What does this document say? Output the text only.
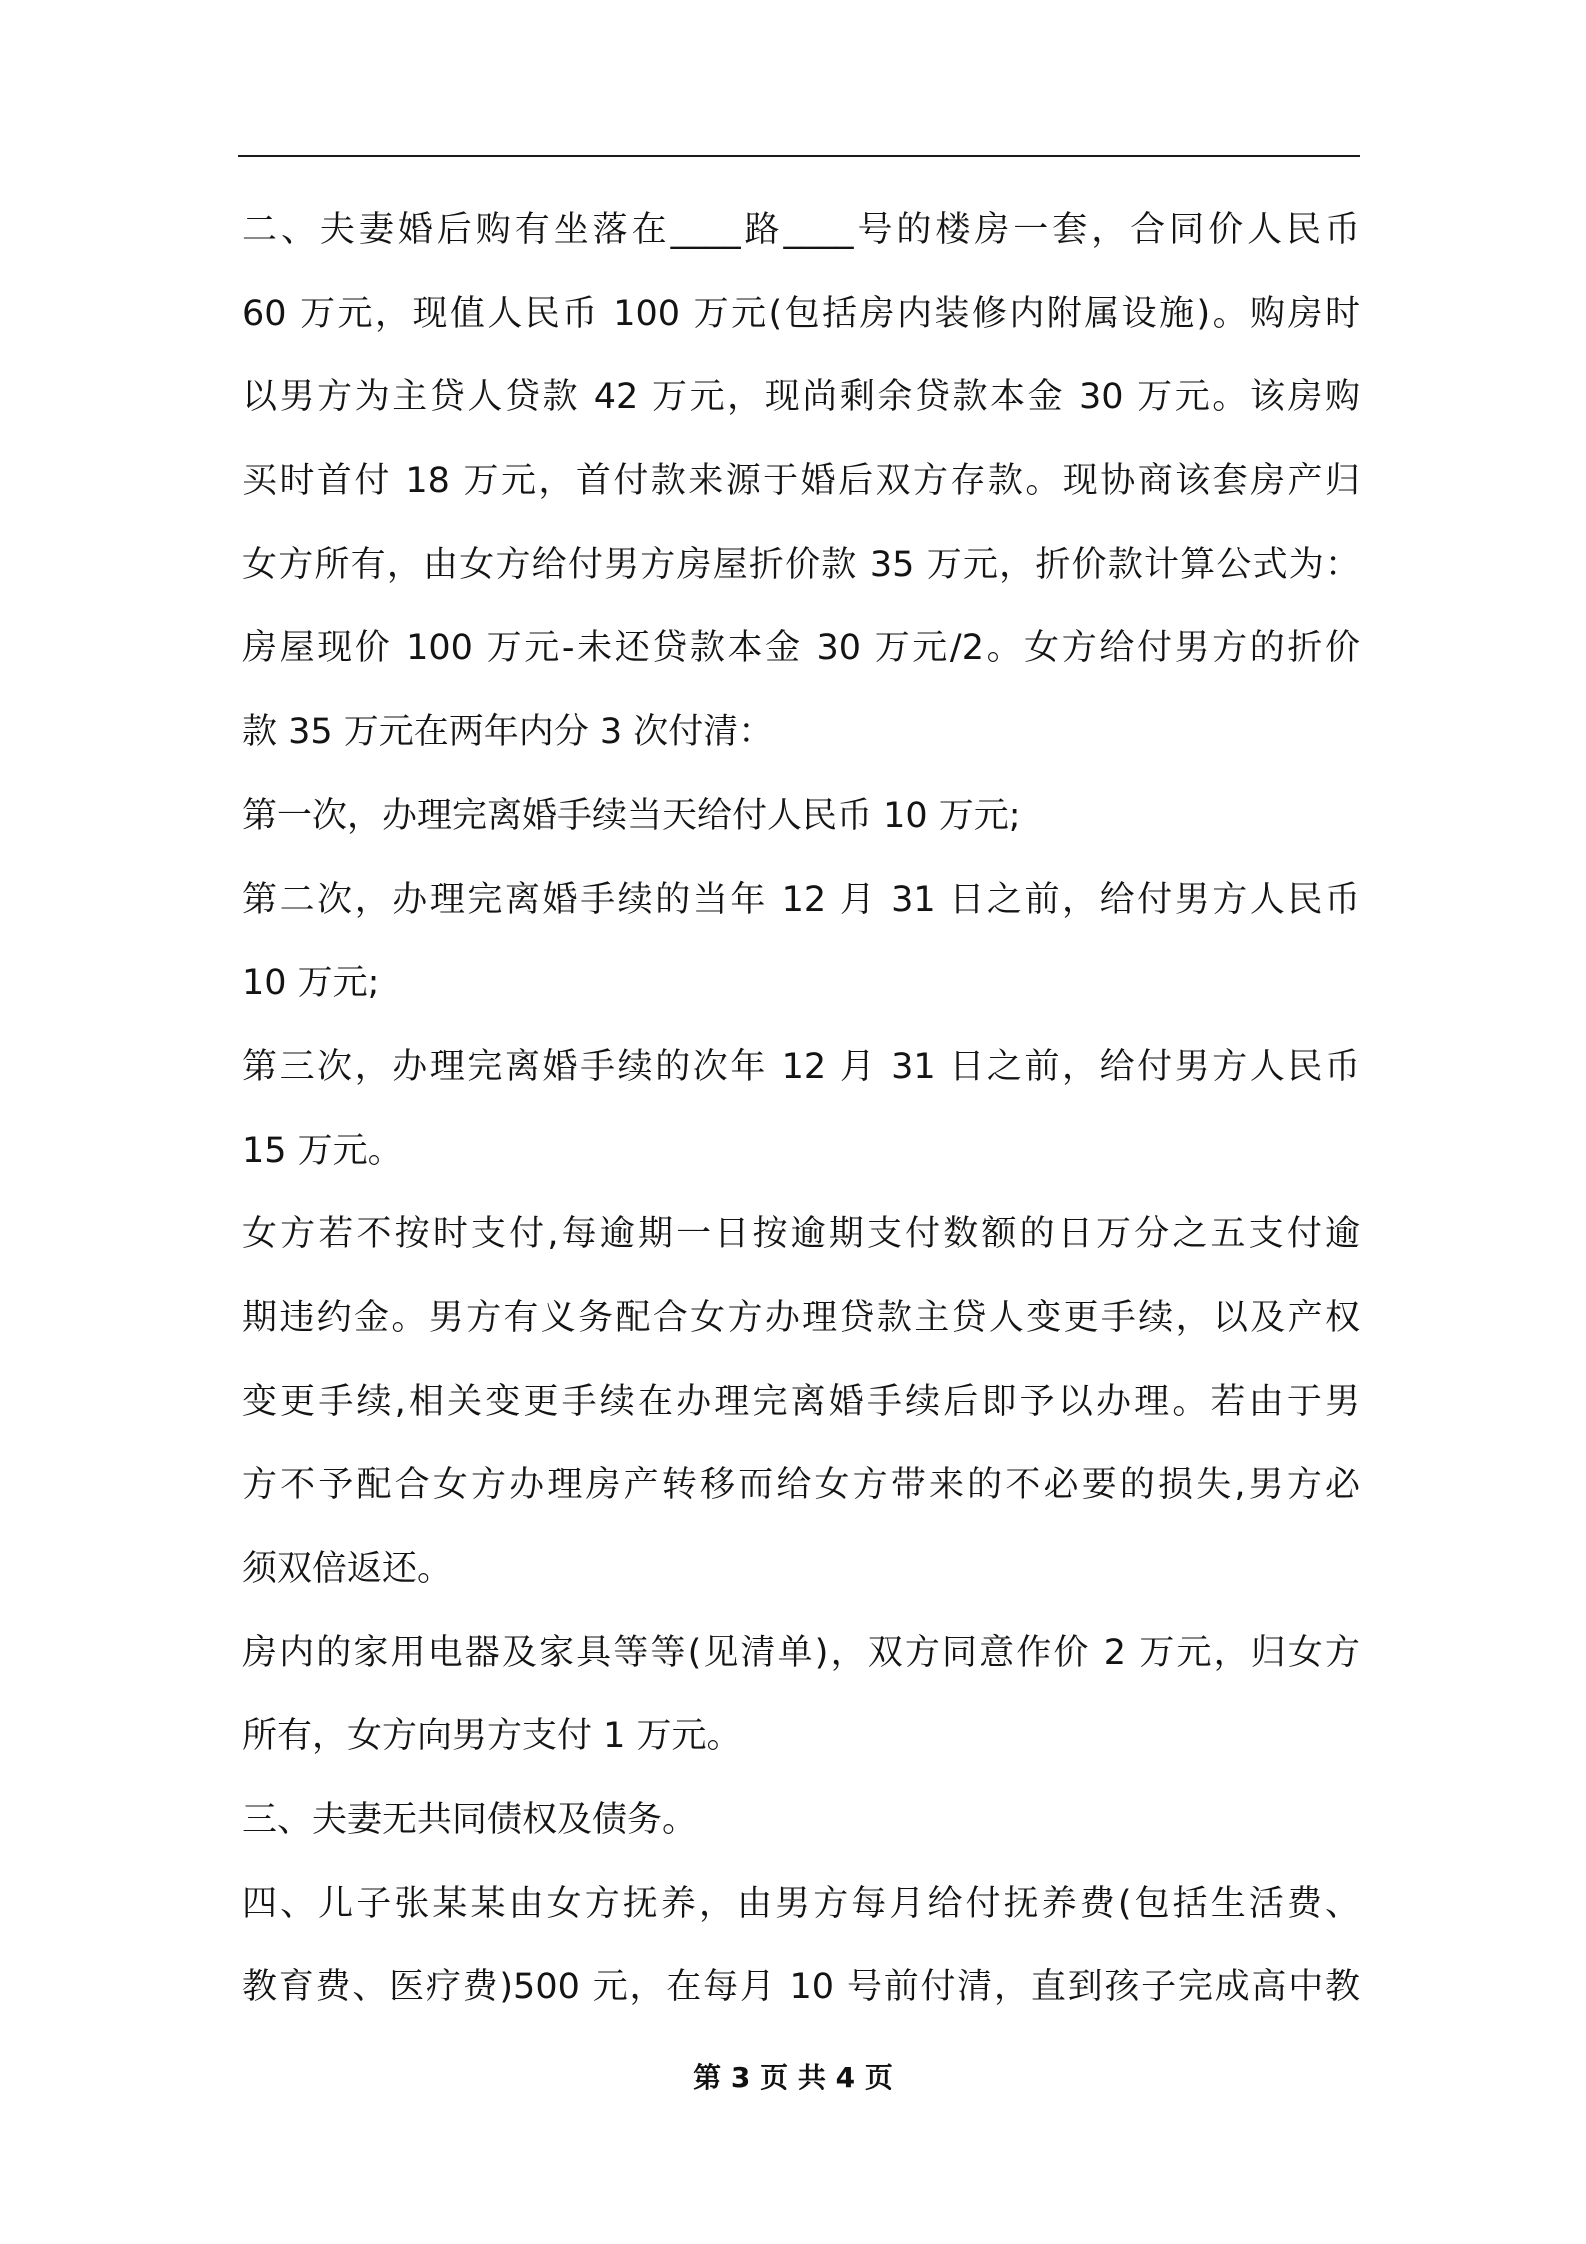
二、夫妻婚后购有坐落在____路____号的楼房一套，合同价人民币
60 万元，现值人民币 100 万元(包括房内装修内附属设施)。购房时
以男方为主贷人贷款 42 万元，现尚剩余贷款本金 30 万元。该房购
买时首付 18 万元，首付款来源于婚后双方存款。现协商该套房产归
女方所有，由女方给付男方房屋折价款 35 万元，折价款计算公式为：
房屋现价 100 万元-未还贷款本金 30 万元/2。女方给付男方的折价
款 35 万元在两年内分 3 次付清：
第一次，办理完离婚手续当天给付人民币 10 万元;
第二次，办理完离婚手续的当年 12 月 31 日之前，给付男方人民币
10 万元;
第三次，办理完离婚手续的次年 12 月 31 日之前，给付男方人民币
15 万元。
女方若不按时支付,每逾期一日按逾期支付数额的日万分之五支付逾
期违约金。男方有义务配合女方办理贷款主贷人变更手续，以及产权
变更手续,相关变更手续在办理完离婚手续后即予以办理。若由于男
方不予配合女方办理房产转移而给女方带来的不必要的损失,男方必
须双倍返还。
房内的家用电器及家具等等(见清单)，双方同意作价 2 万元，归女方
所有，女方向男方支付 1 万元。
三、夫妻无共同债权及债务。
四、儿子张某某由女方抚养，由男方每月给付抚养费(包括生活费、
教育费、医疗费)500 元，在每月 10 号前付清，直到孩子完成高中教
第 3 页 共 4 页
